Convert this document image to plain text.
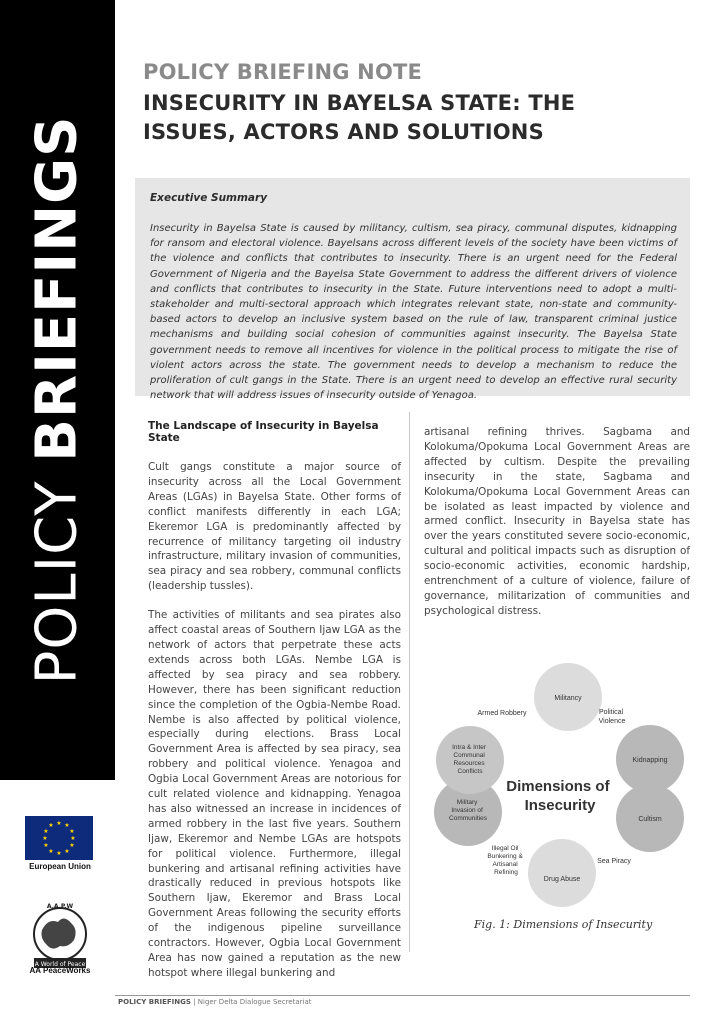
POLICY BRIEFINGS
★ ★
★
★
★
★
★
★
★
★
★
★
European Union
A.A.P.W
A World of Peace
AA PeaceWorks
POLICY BRIEFING NOTE
INSECURITY IN BAYELSA STATE: THE ISSUES, ACTORS AND SOLUTIONS
Executive Summary
Insecurity in Bayelsa State is caused by militancy, cultism, sea piracy, communal disputes, kidnapping for ransom and electoral violence. Bayelsans across different levels of the society have been victims of the violence and conflicts that contributes to insecurity. There is an urgent need for the Federal Government of Nigeria and the Bayelsa State Government to address the different drivers of violence and conflicts that contributes to insecurity in the State. Future interventions need to adopt a multi-stakeholder and multi-sectoral approach which integrates relevant state, non-state and community-based actors to develop an inclusive system based on the rule of law, transparent criminal justice mechanisms and building social cohesion of communities against insecurity. The Bayelsa State government needs to remove all incentives for violence in the political process to mitigate the rise of violent actors across the state. The government needs to develop a mechanism to reduce the proliferation of cult gangs in the State. There is an urgent need to develop an effective rural security network that will address issues of insecurity outside of Yenagoa.

The Landscape of Insecurity in Bayelsa State

Cult gangs constitute a major source of insecurity across all the Local Government Areas (LGAs) in Bayelsa State. Other forms of conflict manifests differently in each LGA; Ekeremor LGA is predominantly affected by recurrence of militancy targeting oil industry infrastructure, military invasion of communities, sea piracy and sea robbery, communal conflicts (leadership tussles).

The activities of militants and sea pirates also affect coastal areas of Southern Ijaw LGA as the network of actors that perpetrate these acts extends across both LGAs. Nembe LGA is affected by sea piracy and sea robbery. However, there has been significant reduction since the completion of the Ogbia-Nembe Road. Nembe is also affected by political violence, especially during elections. Brass Local Government Area is affected by sea piracy, sea robbery and political violence. Yenagoa and Ogbia Local Government Areas are notorious for cult related violence and kidnapping. Yenagoa has also witnessed an increase in incidences of armed robbery in the last five years. Southern Ijaw, Ekeremor and Nembe LGAs are hotspots for political violence. Furthermore, illegal bunkering and artisanal refining activities have drastically reduced in previous hotspots like Southern Ijaw, Ekeremor and Brass Local Government Areas following the security efforts of the indigenous pipeline surveillance contractors. However, Ogbia Local Government Area has now gained a reputation as the new hotspot where illegal bunkering and

artisanal refining thrives. Sagbama and Kolokuma/Opokuma Local Government Areas are affected by cultism. Despite the prevailing insecurity in the state, Sagbama and Kolokuma/Opokuma Local Government Areas can be isolated as least impacted by violence and armed conflict. Insecurity in Bayelsa state has over the years constituted severe socio-economic, cultural and political impacts such as disruption of socio-economic activities, economic hardship, entrenchment of a culture of violence, failure of governance, militarization of communities and psychological distress.

Militancy
Kidnapping
Cultism
Drug Abuse
Military Invasion of Communities
Intra & Inter Communal Resources Conflicts
Armed Robbery	Political Violence
Sea Piracy
Illegal Oil Bunkering & Artisanal Refining
Dimensions of Insecurity
Fig. 1: Dimensions of Insecurity
POLICY BRIEFINGS | Niger Delta Dialogue Secretariat
